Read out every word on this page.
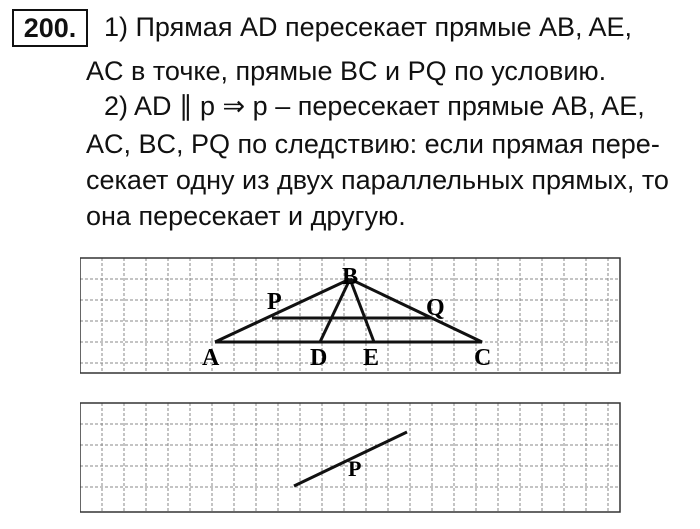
200.	1) Прямая AD пересекает прямые AB, AE,
AC в точке, прямые BC и PQ по условию.
2) AD ∥ p ⇒ p – пересекает прямые AB, AE,
AC, BC, PQ по следствию: если прямая пере-
секает одну из двух параллельных прямых, то
она пересекает и другую.
A
B
C
D E
P	Q
P
